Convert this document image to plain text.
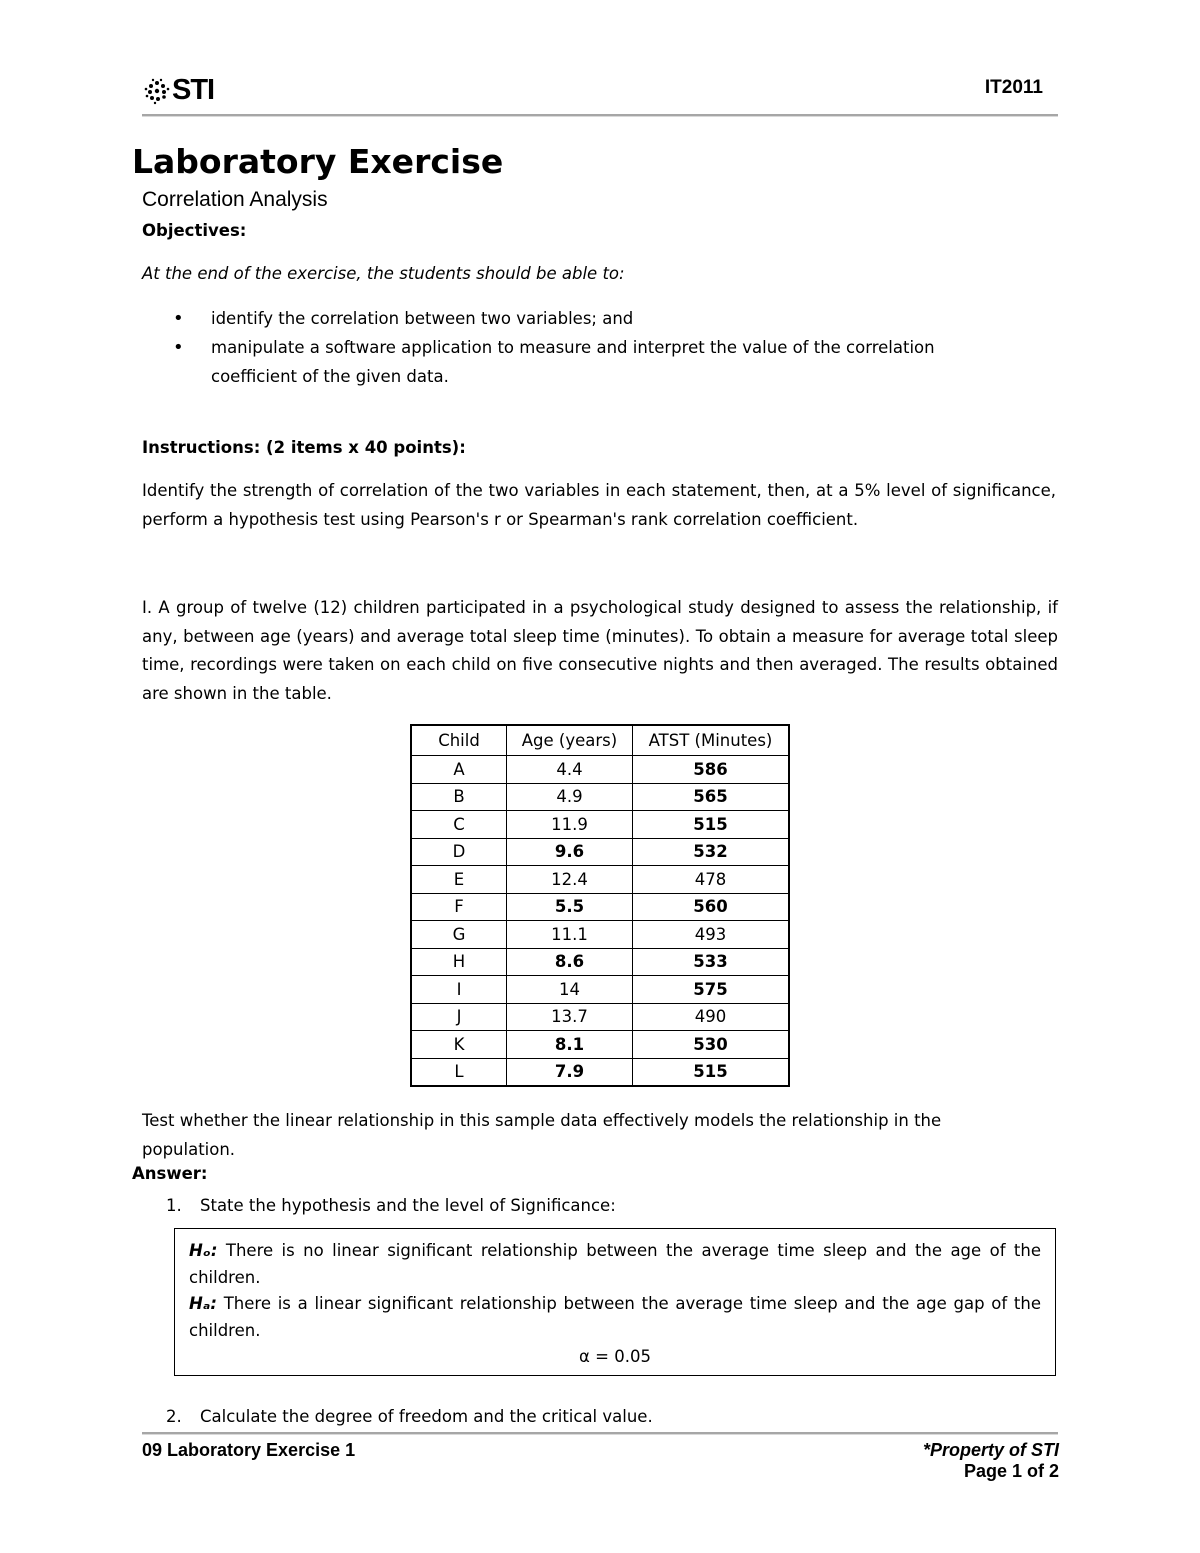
STI	IT2011
Laboratory Exercise
Correlation Analysis
Objectives:
At the end of the exercise, the students should be able to:
• identify the correlation between two variables; and
• manipulate a software application to measure and interpret the value of the correlation coefficient of the given data.
Instructions: (2 items x 40 points):
Identify the strength of correlation of the two variables in each statement, then, at a 5% level of significance, perform a hypothesis test using Pearson's r or Spearman's rank correlation coefficient.
I. A group of twelve (12) children participated in a psychological study designed to assess the relationship, if any, between age (years) and average total sleep time (minutes). To obtain a measure for average total sleep time, recordings were taken on each child on five consecutive nights and then averaged. The results obtained are shown in the table.
Child	Age (years)	ATST (Minutes)
A	4.4	586
B	4.9	565
C	11.9	515
D	9.6	532
E	12.4	478
F	5.5	560
G	11.1	493
H	8.6	533
I	14	575
J	13.7	490
K	8.1	530
L	7.9	515
Test whether the linear relationship in this sample data effectively models the relationship in the population.
Answer:
1. State the hypothesis and the level of Significance:

Hₒ: There is no linear significant relationship between the average time sleep and the age of the children.

Hₐ: There is a linear significant relationship between the average time sleep and the age gap of the children.

α = 0.05

2. Calculate the degree of freedom and the critical value.
09 Laboratory Exercise 1	*Property of STI
Page 1 of 2
